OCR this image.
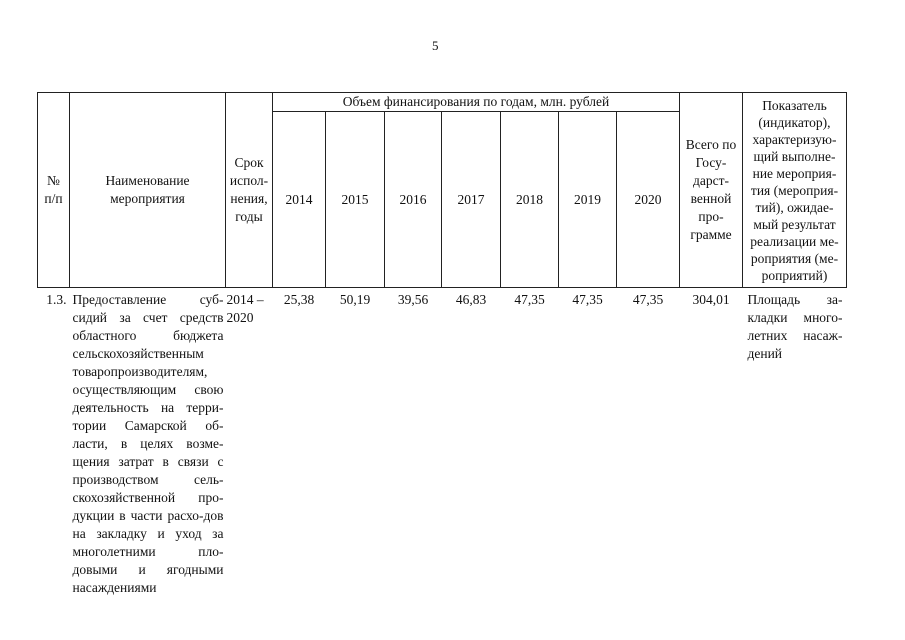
5
№ п/п	Наименование мероприятия	Срок испол-нения, годы	Объем финансирования по годам, млн. рублей							Всего по Госу-дарст-венной про-грамме	Показатель (индикатор), характеризую-щий выполне-ние мероприя-тия (мероприя-тий), ожидае-мый результат реализации ме-роприятия (ме-роприятий)
			2014	2015	2016	2017	2018	2019	2020		
1.3.	Предоставление суб-сидий за счет средств областного бюджета сельскохозяйственным товаропроизводителям, осуществляющим свою деятельность на терри-тории Самарской об-ласти, в целях возме-щения затрат в связи с производством сель-скохозяйственной про-дукции в части расхо-дов на закладку и уход за многолетними пло-довыми и ягодными насаждениями	2014 – 2020	25,38	50,19	39,56	46,83	47,35	47,35	47,35	304,01	Площадь за-кладки много-летних насаж-дений
